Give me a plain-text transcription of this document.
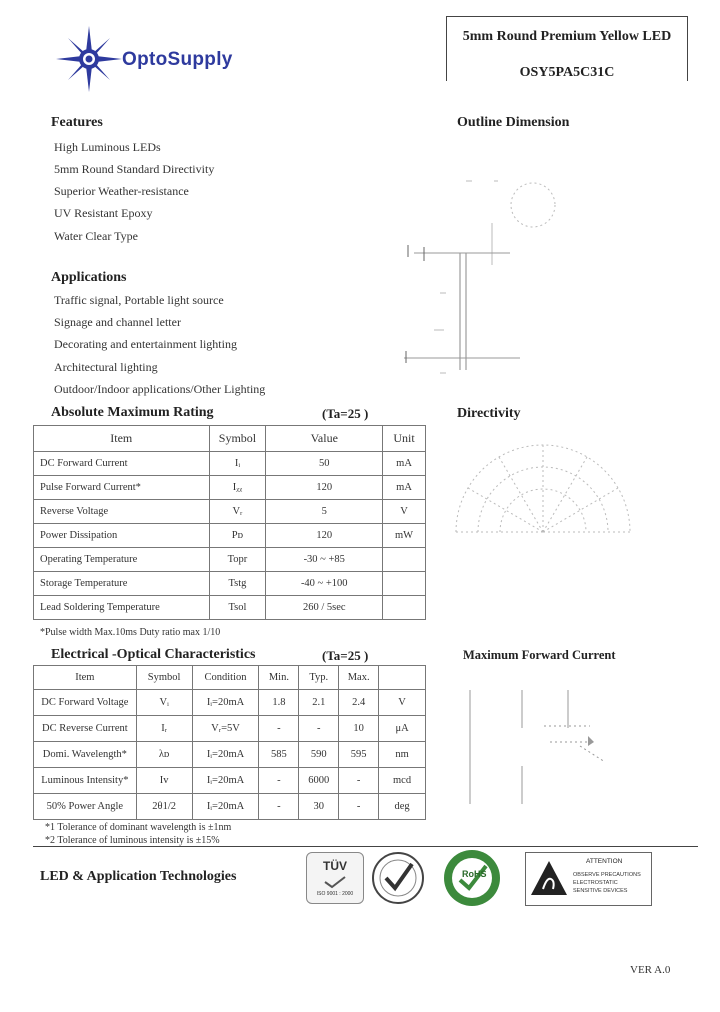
OptoSupply
5mm Round Premium Yellow LED
OSY5PA5C31C
Features
High Luminous LEDs
5mm Round Standard Directivity
Superior Weather-resistance
UV Resistant Epoxy
Water Clear Type
Applications
Traffic signal, Portable light source
Signage and channel letter
Decorating and entertainment lighting
Architectural lighting
Outdoor/Indoor applications/Other Lighting
Outline Dimension
Absolute Maximum Rating	(Ta=25 )
Item	Symbol	Value	Unit
DC Forward Current	Iᵢ	50	mA
Pulse Forward Current*	Iᵪᵪ	120	mA
Reverse Voltage	Vᵣ	5	V
Power Dissipation	Pᴅ	120	mW
Operating Temperature	Topr	-30 ~ +85	
Storage Temperature	Tstg	-40 ~ +100	
Lead Soldering Temperature	Tsol	260 / 5sec	
*Pulse width Max.10ms Duty ratio max 1/10
Directivity
Electrical -Optical Characteristics	(Ta=25 )
Item	Symbol	Condition	Min.	Typ.	Max.	
DC Forward Voltage	Vᵢ	Iᵢ=20mA	1.8	2.1	2.4	V
DC Reverse Current	Iᵣ	Vᵣ=5V	-	-	10	μA
Domi. Wavelength*	λᴅ	Iᵢ=20mA	585	590	595	nm
Luminous Intensity*	Iv	Iᵢ=20mA	-	6000	-	mcd
50% Power Angle	2θ1/2	Iᵢ=20mA	-	30	-	deg
*1 Tolerance of dominant wavelength is ±1nm
*2 Tolerance of luminous intensity is ±15%
Maximum Forward Current
LED & Application Technologies
TÜV
ISO 9001 : 2000
RoHS
ATTENTION
OBSERVE PRECAUTIONS ELECTROSTATIC SENSITIVE DEVICES
VER A.0
